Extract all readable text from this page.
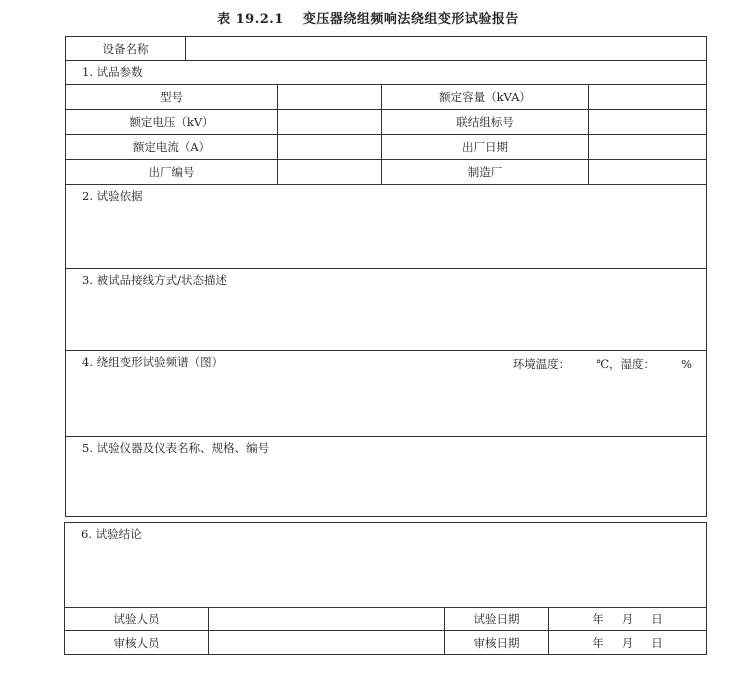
表 19.2.1 变压器绕组频响法绕组变形试验报告
设备名称				
1. 试品参数				
型号			额定容量（kVA）	
额定电压（kV）			联结组标号	
额定电流（A）			出厂日期	
出厂编号			制造厂	
2. 试验依据				
3. 被试品接线方式/状态描述				
4. 绕组变形试验频谱（图） 环境温度： ℃，湿度： %				

5. 试验仪器及仪表名称、规格、编号				
6. 试验结论			
试验人员		试验日期	年 月 日
审核人员		审核日期	年 月 日
